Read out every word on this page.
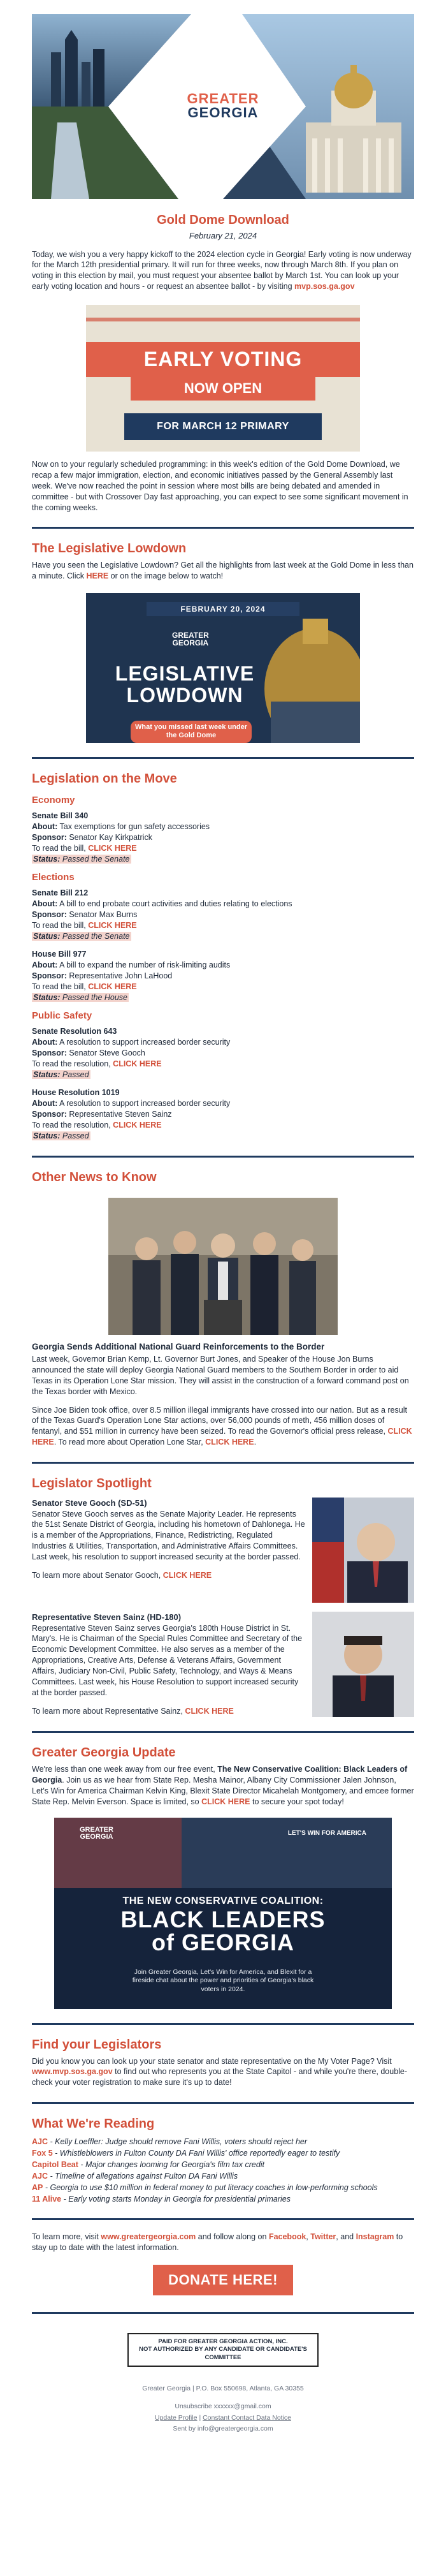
GREATER
GEORGIA
Gold Dome Download
February 21, 2024

Today, we wish you a very happy kickoff to the 2024 election cycle in Georgia! Early voting is now underway for the March 12th presidential primary. It will run for three weeks, now through March 8th. If you plan on voting in this election by mail, you must request your absentee ballot by March 1st. You can look up your early voting location and hours - or request an absentee ballot - by visiting mvp.sos.ga.gov

EARLY VOTING
NOW OPEN
FOR MARCH 12 PRIMARY

Now on to your regularly scheduled programming: in this week's edition of the Gold Dome Download, we recap a few major immigration, election, and economic initiatives passed by the General Assembly last week. We've now reached the point in session where most bills are being debated and amended in committee - but with Crossover Day fast approaching, you can expect to see some significant movement in the coming weeks.

The Legislative Lowdown

Have you seen the Legislative Lowdown? Get all the highlights from last week at the Gold Dome in less than a minute. Click HERE or on the image below to watch!

FEBRUARY 20, 2024
GREATER
GEORGIA
LEGISLATIVE
LOWDOWN
What you missed last week under the Gold Dome
Legislation on the Move
Economy
Senate Bill 340
About: Tax exemptions for gun safety accessories
Sponsor: Senator Kay Kirkpatrick
To read the bill, CLICK HERE
Status: Passed the Senate
Elections
Senate Bill 212
About: A bill to end probate court activities and duties relating to elections
Sponsor: Senator Max Burns
To read the bill, CLICK HERE
Status: Passed the Senate
House Bill 977
About: A bill to expand the number of risk-limiting audits
Sponsor: Representative John LaHood
To read the bill, CLICK HERE
Status: Passed the House
Public Safety
Senate Resolution 643
About: A resolution to support increased border security
Sponsor: Senator Steve Gooch
To read the resolution, CLICK HERE
Status: Passed
House Resolution 1019
About: A resolution to support increased border security
Sponsor: Representative Steven Sainz
To read the resolution, CLICK HERE
Status: Passed
Other News to Know
Georgia Sends Additional National Guard Reinforcements to the Border

Last week, Governor Brian Kemp, Lt. Governor Burt Jones, and Speaker of the House Jon Burns announced the state will deploy Georgia National Guard members to the Southern Border in order to aid Texas in its Operation Lone Star mission. They will assist in the construction of a forward command post on the Texas border with Mexico.

Since Joe Biden took office, over 8.5 million illegal immigrants have crossed into our nation. But as a result of the Texas Guard's Operation Lone Star actions, over 56,000 pounds of meth, 456 million doses of fentanyl, and $51 million in currency have been seized. To read the Governor's official press release, CLICK HERE. To read more about Operation Lone Star, CLICK HERE.

Legislator Spotlight
Senator Steve Gooch (SD-51)
Senator Steve Gooch serves as the Senate Majority Leader. He represents the 51st Senate District of Georgia, including his hometown of Dahlonega. He is a member of the Appropriations, Finance, Redistricting, Regulated Industries & Utilities, Transportation, and Administrative Affairs Committees. Last week, his resolution to support increased security at the border passed.
To learn more about Senator Gooch, CLICK HERE
Representative Steven Sainz (HD-180)
Representative Steven Sainz serves Georgia's 180th House District in St. Mary's. He is Chairman of the Special Rules Committee and Secretary of the Economic Development Committee. He also serves as a member of the Appropriations, Creative Arts, Defense & Veterans Affairs, Government Affairs, Judiciary Non-Civil, Public Safety, Technology, and Ways & Means Committees. Last week, his House Resolution to support increased security at the border passed.
To learn more about Representative Sainz, CLICK HERE
Greater Georgia Update

We're less than one week away from our free event, The New Conservative Coalition: Black Leaders of Georgia. Join us as we hear from State Rep. Mesha Mainor, Albany City Commissioner Jalen Johnson, Let's Win for America Chairman Kelvin King, Blexit State Director Micahelah Montgomery, and emcee former State Rep. Melvin Everson. Space is limited, so CLICK HERE to secure your spot today!

GREATER
GEORGIA	LET'S WIN FOR AMERICA
THE NEW CONSERVATIVE COALITION:
BLACK LEADERS
of GEORGIA
Join Greater Georgia, Let's Win for America, and Blexit for a fireside chat about the power and priorities of Georgia's black voters in 2024.
Find your Legislators

Did you know you can look up your state senator and state representative on the My Voter Page? Visit www.mvp.sos.ga.gov to find out who represents you at the State Capitol - and while you're there, double-check your voter registration to make sure it's up to date!

What We're Reading
AJC - Kelly Loeffler: Judge should remove Fani Willis, voters should reject her
Fox 5 - Whistleblowers in Fulton County DA Fani Willis' office reportedly eager to testify
Capitol Beat - Major changes looming for Georgia's film tax credit
AJC - Timeline of allegations against Fulton DA Fani Willis
AP - Georgia to use $10 million in federal money to put literacy coaches in low-performing schools
11 Alive - Early voting starts Monday in Georgia for presidential primaries

To learn more, visit www.greatergeorgia.com and follow along on Facebook, Twitter, and Instagram to stay up to date with the latest information.

DONATE HERE!
PAID FOR GREATER GEORGIA ACTION, INC.
NOT AUTHORIZED BY ANY CANDIDATE OR CANDIDATE'S COMMITTEE
Greater Georgia | P.O. Box 550698, Atlanta, GA 30355
Unsubscribe xxxxxx@gmail.com
Update Profile | Constant Contact Data Notice
Sent by info@greatergeorgia.com
